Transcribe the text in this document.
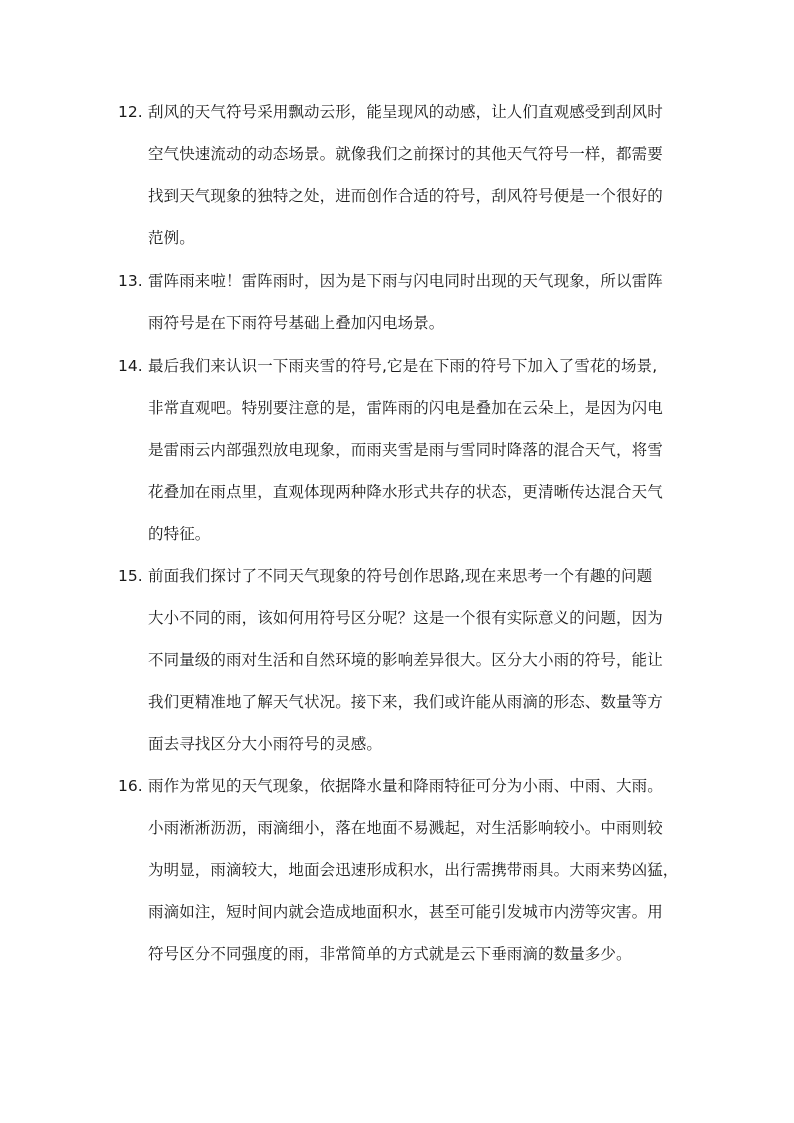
12. 刮风的天气符号采用飘动云形，能呈现风的动感，让人们直观感受到刮风时
空气快速流动的动态场景。就像我们之前探讨的其他天气符号一样，都需要
找到天气现象的独特之处，进而创作合适的符号，刮风符号便是一个很好的
范例。
13. 雷阵雨来啦！雷阵雨时，因为是下雨与闪电同时出现的天气现象，所以雷阵
雨符号是在下雨符号基础上叠加闪电场景。
14. 最后我们来认识一下雨夹雪的符号,它是在下雨的符号下加入了雪花的场景,
非常直观吧。特别要注意的是，雷阵雨的闪电是叠加在云朵上，是因为闪电
是雷雨云内部强烈放电现象，而雨夹雪是雨与雪同时降落的混合天气，将雪
花叠加在雨点里，直观体现两种降水形式共存的状态，更清晰传达混合天气
的特征。
15. 前面我们探讨了不同天气现象的符号创作思路,现在来思考一个有趣的问题
大小不同的雨，该如何用符号区分呢？这是一个很有实际意义的问题，因为
不同量级的雨对生活和自然环境的影响差异很大。区分大小雨的符号，能让
我们更精准地了解天气状况。接下来，我们或许能从雨滴的形态、数量等方
面去寻找区分大小雨符号的灵感。
16. 雨作为常见的天气现象，依据降水量和降雨特征可分为小雨、中雨、大雨。
小雨淅淅沥沥，雨滴细小，落在地面不易溅起，对生活影响较小。中雨则较
为明显，雨滴较大，地面会迅速形成积水，出行需携带雨具。大雨来势凶猛，
雨滴如注，短时间内就会造成地面积水，甚至可能引发城市内涝等灾害。用
符号区分不同强度的雨，非常简单的方式就是云下垂雨滴的数量多少。
